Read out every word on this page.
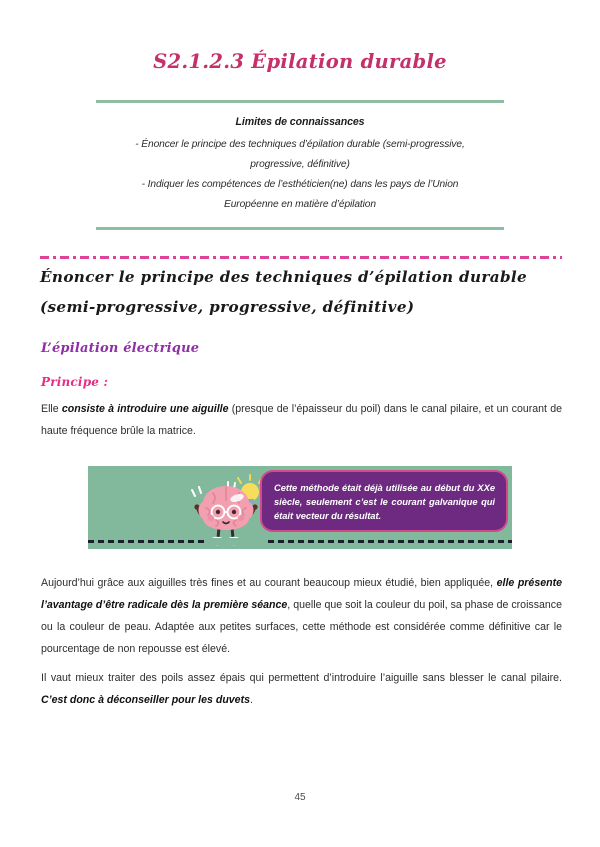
S2.1.2.3 Épilation durable
Limites de connaissances
- Énoncer le principe des techniques d’épilation durable (semi-progressive,
progressive, définitive)
- Indiquer les compétences de l’esthéticien(ne) dans les pays de l’Union
Européenne en matière d’épilation
Énoncer le principe des techniques d’épilation durable (semi-progressive, progressive, définitive)
L’épilation électrique
Principe :
Elle consiste à introduire une aiguille (presque de l’épaisseur du poil) dans le canal pilaire, et un courant de haute fréquence brûle la matrice.
Cette méthode était déjà utilisée au début du XXe siècle, seulement c’est le courant galvanique qui était vecteur du résultat.
Aujourd’hui grâce aux aiguilles très fines et au courant beaucoup mieux étudié, bien appliquée, elle présente l’avantage d’être radicale dès la première séance, quelle que soit la couleur du poil, sa phase de croissance ou la couleur de peau. Adaptée aux petites surfaces, cette méthode est considérée comme définitive car le pourcentage de non repousse est élevé.
Il vaut mieux traiter des poils assez épais qui permettent d’introduire l’aiguille sans blesser le canal pilaire. C’est donc à déconseiller pour les duvets.
45
